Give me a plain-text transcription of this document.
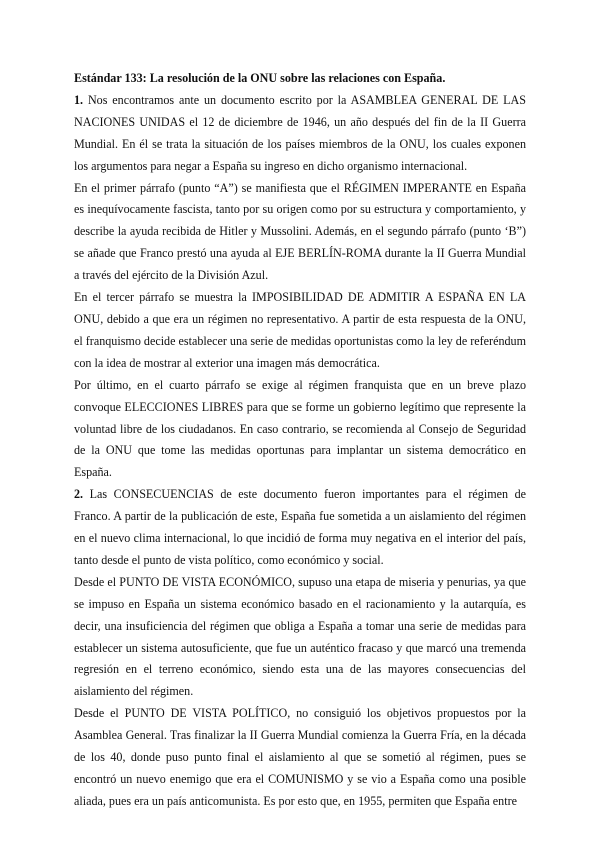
Estándar 133: La resolución de la ONU sobre las relaciones con España.

1. Nos encontramos ante un documento escrito por la ASAMBLEA GENERAL DE LAS NACIONES UNIDAS el 12 de diciembre de 1946, un año después del fin de la II Guerra Mundial. En él se trata la situación de los países miembros de la ONU, los cuales exponen los argumentos para negar a España su ingreso en dicho organismo internacional.

En el primer párrafo (punto “A”) se manifiesta que el RÉGIMEN IMPERANTE en España es inequívocamente fascista, tanto por su origen como por su estructura y comportamiento, y describe la ayuda recibida de Hitler y Mussolini. Además, en el segundo párrafo (punto ‘B”) se añade que Franco prestó una ayuda al EJE BERLÍN-ROMA durante la II Guerra Mundial a través del ejército de la División Azul.

En el tercer párrafo se muestra la IMPOSIBILIDAD DE ADMITIR A ESPAÑA EN LA ONU, debido a que era un régimen no representativo. A partir de esta respuesta de la ONU, el franquismo decide establecer una serie de medidas oportunistas como la ley de referéndum con la idea de mostrar al exterior una imagen más democrática.

Por último, en el cuarto párrafo se exige al régimen franquista que en un breve plazo convoque ELECCIONES LIBRES para que se forme un gobierno legítimo que represente la voluntad libre de los ciudadanos. En caso contrario, se recomienda al Consejo de Seguridad de la ONU que tome las medidas oportunas para implantar un sistema democrático en España.

2. Las CONSECUENCIAS de este documento fueron importantes para el régimen de Franco. A partir de la publicación de este, España fue sometida a un aislamiento del régimen en el nuevo clima internacional, lo que incidió de forma muy negativa en el interior del país, tanto desde el punto de vista político, como económico y social.

Desde el PUNTO DE VISTA ECONÓMICO, supuso una etapa de miseria y penurias, ya que se impuso en España un sistema económico basado en el racionamiento y la autarquía, es decir, una insuficiencia del régimen que obliga a España a tomar una serie de medidas para establecer un sistema autosuficiente, que fue un auténtico fracaso y que marcó una tremenda regresión en el terreno económico, siendo esta una de las mayores consecuencias del aislamiento del régimen.

Desde el PUNTO DE VISTA POLÍTICO, no consiguió los objetivos propuestos por la Asamblea General. Tras finalizar la II Guerra Mundial comienza la Guerra Fría, en la década de los 40, donde puso punto final el aislamiento al que se sometió al régimen, pues se encontró un nuevo enemigo que era el COMUNISMO y se vio a España como una posible aliada, pues era un país anticomunista. Es por esto que, en 1955, permiten que España entre
